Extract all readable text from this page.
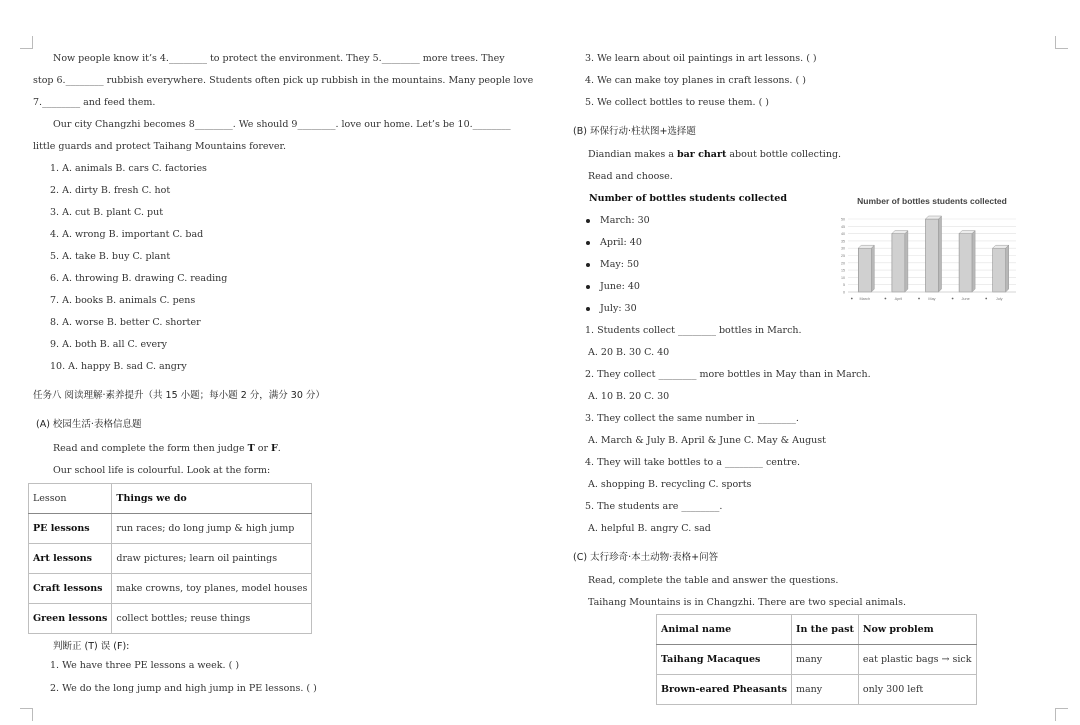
Now people know it’s 4.________ to protect the environment. They 5.________ more trees. They
stop 6.________ rubbish everywhere. Students often pick up rubbish in the mountains. Many people love
7.________ and feed them.
Our city Changzhi becomes 8________. We should 9________. love our home. Let’s be 10.________
little guards and protect Taihang Mountains forever.
1. A. animals B. cars C. factories
2. A. dirty B. fresh C. hot
3. A. cut B. plant C. put
4. A. wrong B. important C. bad
5. A. take B. buy C. plant
6. A. throwing B. drawing C. reading
7. A. books B. animals C. pens
8. A. worse B. better C. shorter
9. A. both B. all C. every
10. A. happy B. sad C. angry
任务八 阅读理解·素养提升（共 15 小题；每小题 2 分，满分 30 分）
(A) 校园生活·表格信息题
Read and complete the form then judge T or F.
Our school life is colourful. Look at the form:
Lesson	Things we do
PE lessons	run races; do long jump & high jump
Art lessons	draw pictures; learn oil paintings
Craft lessons	make crowns, toy planes, model houses
Green lessons	collect bottles; reuse things
判断正 (T) 误 (F):
1. We have three PE lessons a week. ( )
2. We do the long jump and high jump in PE lessons. ( )
3. We learn about oil paintings in art lessons. ( )
4. We can make toy planes in craft lessons. ( )
5. We collect bottles to reuse them. ( )
(B) 环保行动·柱状图+选择题
Diandian makes a bar chart about bottle collecting.
Read and choose.
Number of bottles students collected
March: 30
April: 40
May: 50
June: 40
July: 30
Number of bottles students collected
0
5
10
15
20
25
30
35
40
45
50
March	April	May	June	July
1. Students collect ________ bottles in March.
A. 20 B. 30 C. 40
2. They collect ________ more bottles in May than in March.
A. 10 B. 20 C. 30
3. They collect the same number in ________.
A. March & July B. April & June C. May & August
4. They will take bottles to a ________ centre.
A. shopping B. recycling C. sports
5. The students are ________.
A. helpful B. angry C. sad
(C) 太行珍奇·本土动物·表格+问答
Read, complete the table and answer the questions.
Taihang Mountains is in Changzhi. There are two special animals.
Animal name	In the past	Now problem
Taihang Macaques	many	eat plastic bags → sick
Brown-eared Pheasants	many	only 300 left
